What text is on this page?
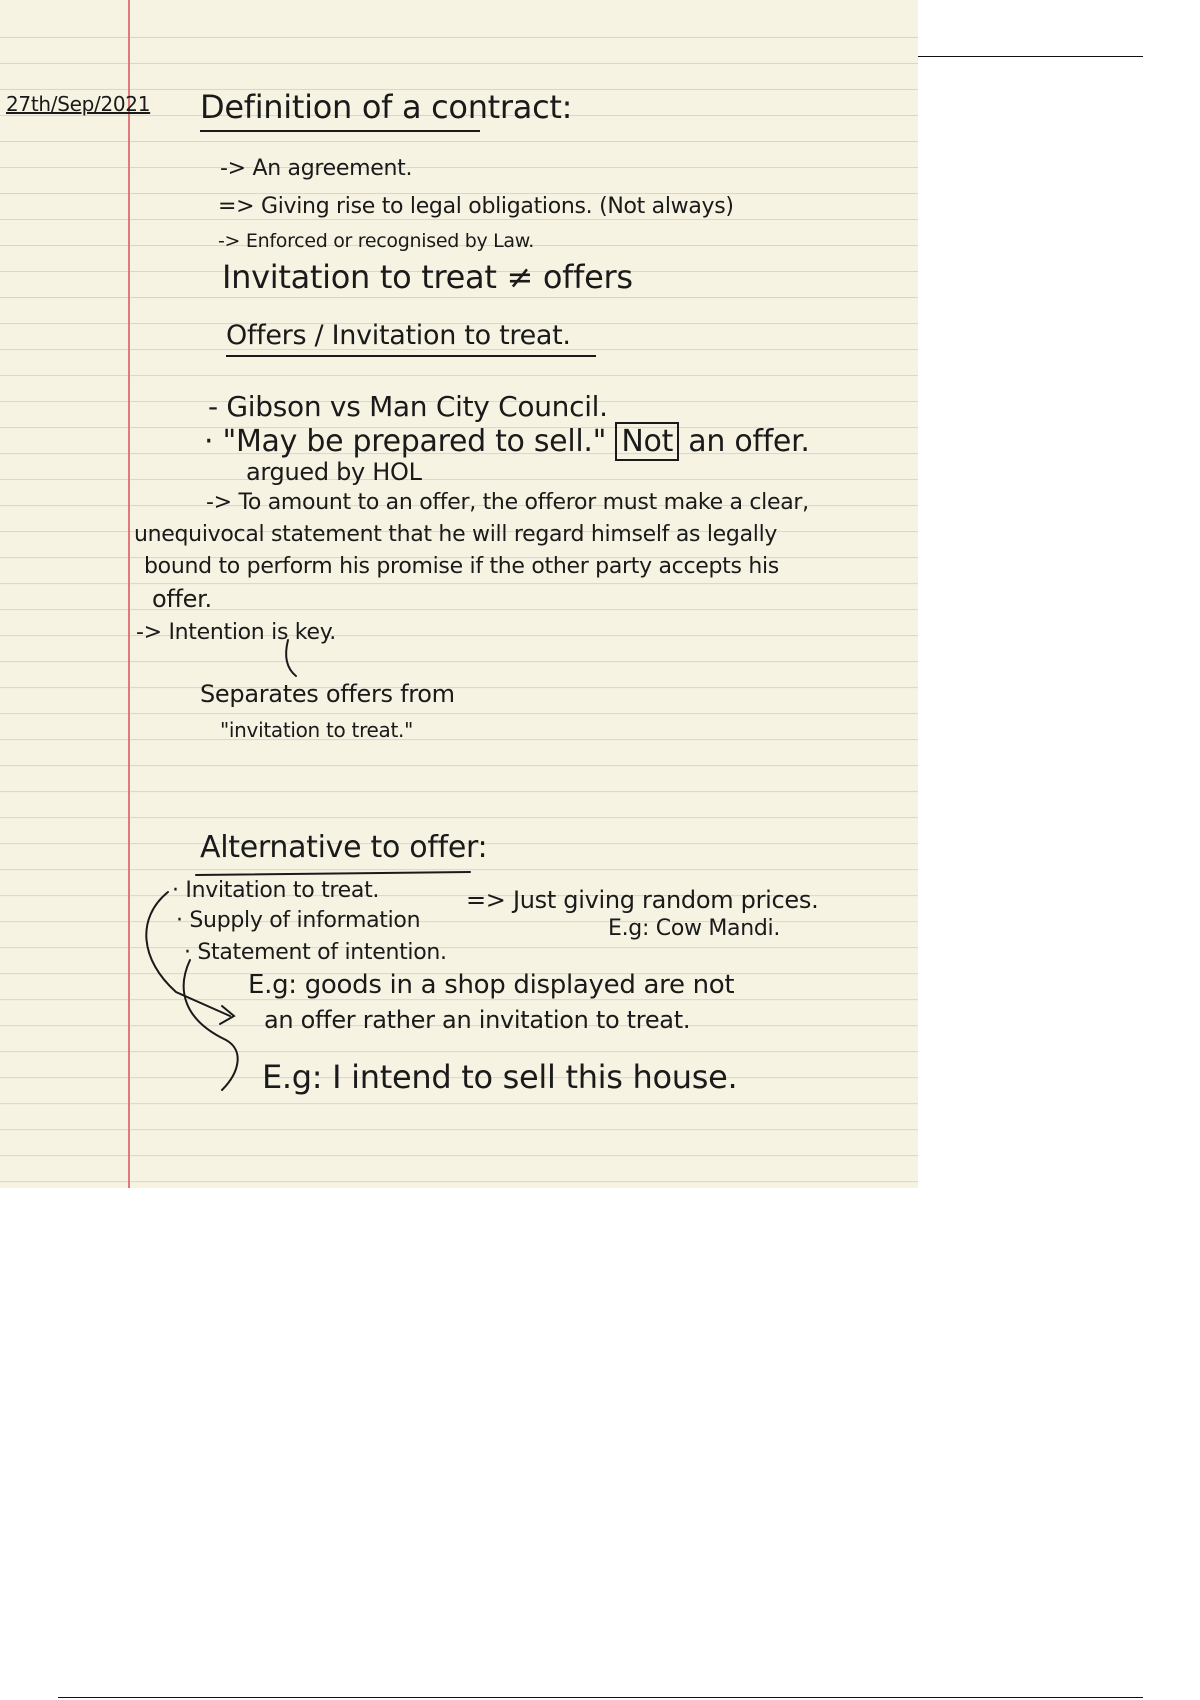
27th/Sep/2021 Definition of a contract:
-> An agreement.
=> Giving rise to legal obligations. (Not always)
-> Enforced or recognised by Law.
Invitation to treat ≠ offers
Offers / Invitation to treat.
- Gibson vs Man City Council.
· "May be prepared to sell." Not an offer.
argued by HOL
-> To amount to an offer, the offeror must make a clear,
unequivocal statement that he will regard himself as legally
bound to perform his promise if the other party accepts his
offer.
-> Intention is key.
Separates offers from
"invitation to treat."
Alternative to offer:
· Invitation to treat.
· Supply of information
· Statement of intention.
=> Just giving random prices.
E.g: Cow Mandi.
E.g: goods in a shop displayed are not
an offer rather an invitation to treat.
E.g: I intend to sell this house.
